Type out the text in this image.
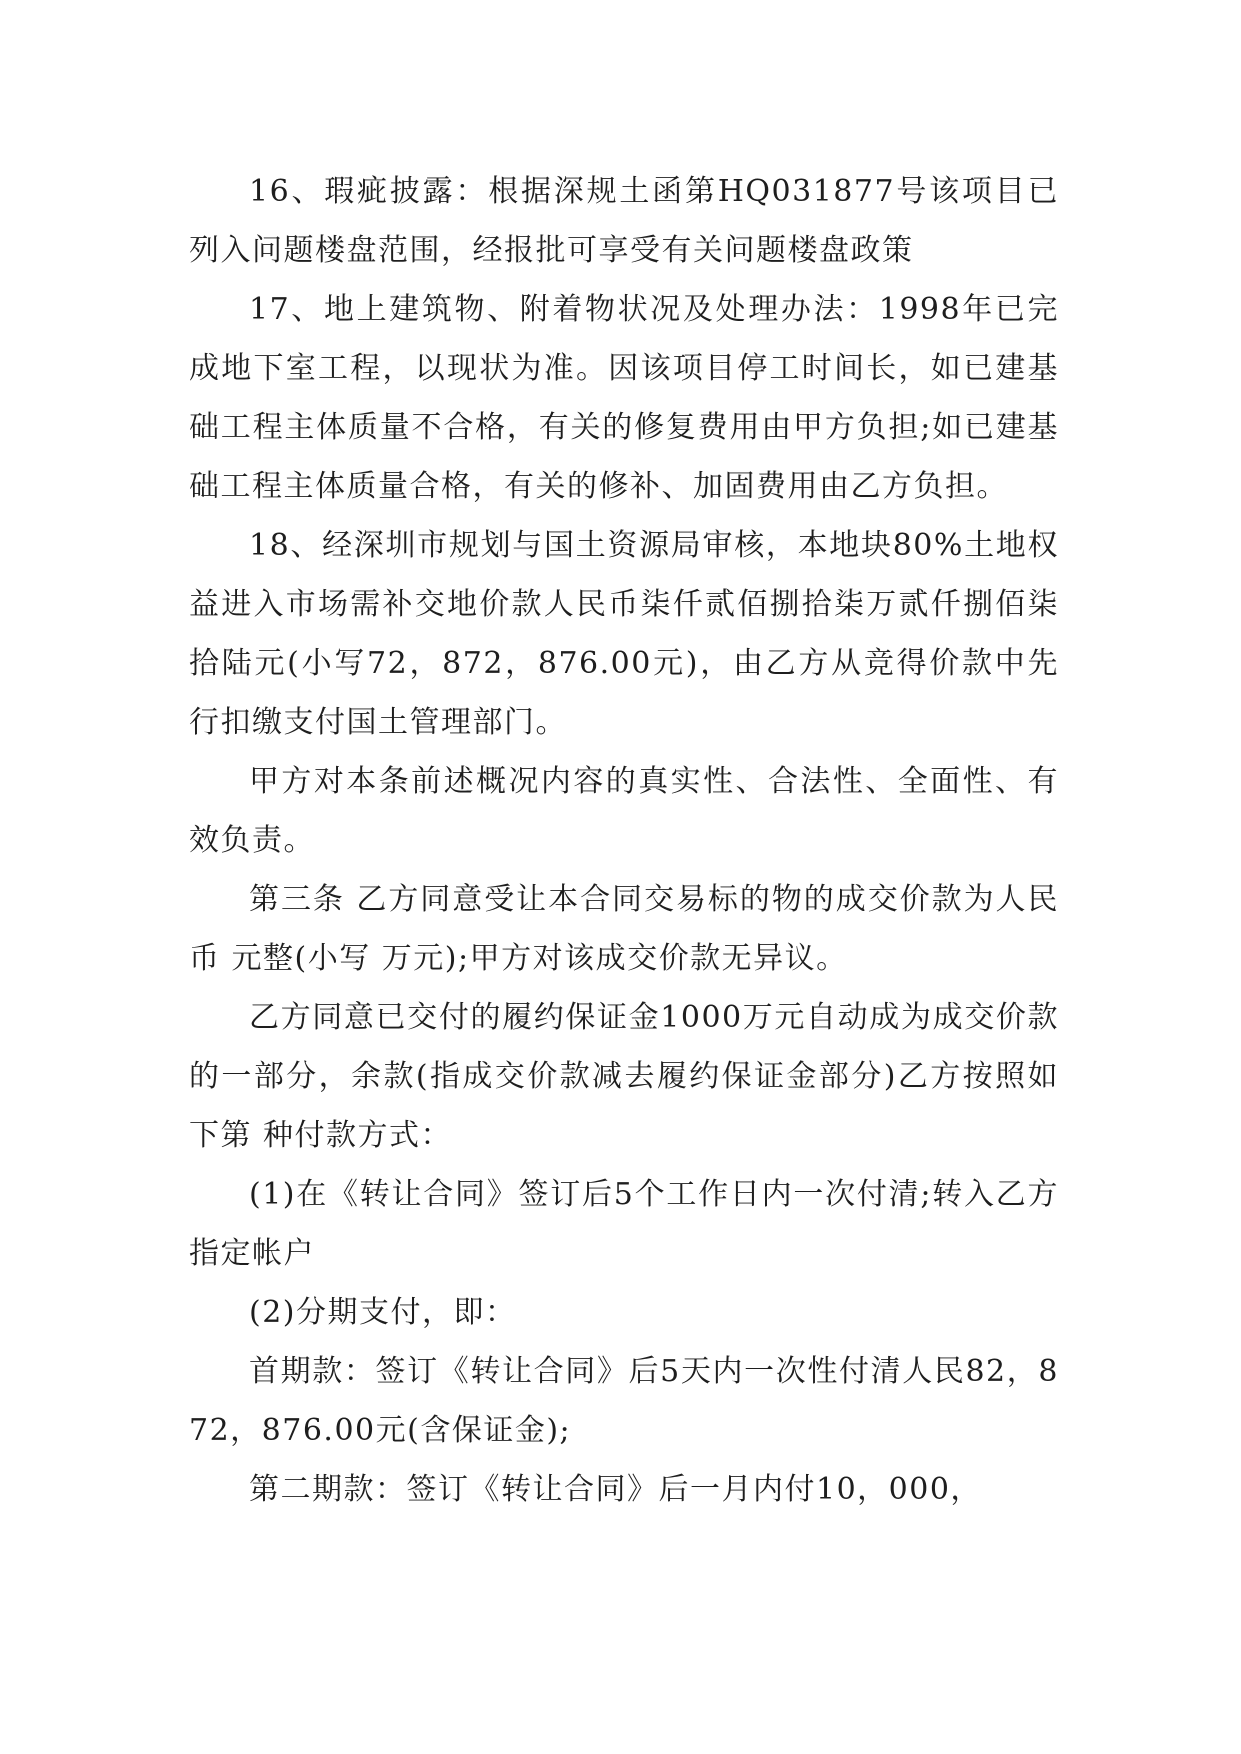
16、瑕疵披露：根据深规土函第HQ031877号该项目已列入问题楼盘范围，经报批可享受有关问题楼盘政策

17、地上建筑物、附着物状况及处理办法：1998年已完成地下室工程，以现状为准。因该项目停工时间长，如已建基础工程主体质量不合格，有关的修复费用由甲方负担;如已建基础工程主体质量合格，有关的修补、加固费用由乙方负担。

18、经深圳市规划与国土资源局审核，本地块80%土地权益进入市场需补交地价款人民币柒仟贰佰捌拾柒万贰仟捌佰柒拾陆元(小写72，872，876.00元)，由乙方从竞得价款中先行扣缴支付国土管理部门。

甲方对本条前述概况内容的真实性、合法性、全面性、有效负责。

第三条 乙方同意受让本合同交易标的物的成交价款为人民币 元整(小写 万元);甲方对该成交价款无异议。

乙方同意已交付的履约保证金1000万元自动成为成交价款的一部分，余款(指成交价款减去履约保证金部分)乙方按照如下第 种付款方式：

(1)在《转让合同》签订后5个工作日内一次付清;转入乙方指定帐户

(2)分期支付，即：

首期款：签订《转让合同》后5天内一次性付清人民82，872，876.00元(含保证金);

第二期款：签订《转让合同》后一月内付10，000，
